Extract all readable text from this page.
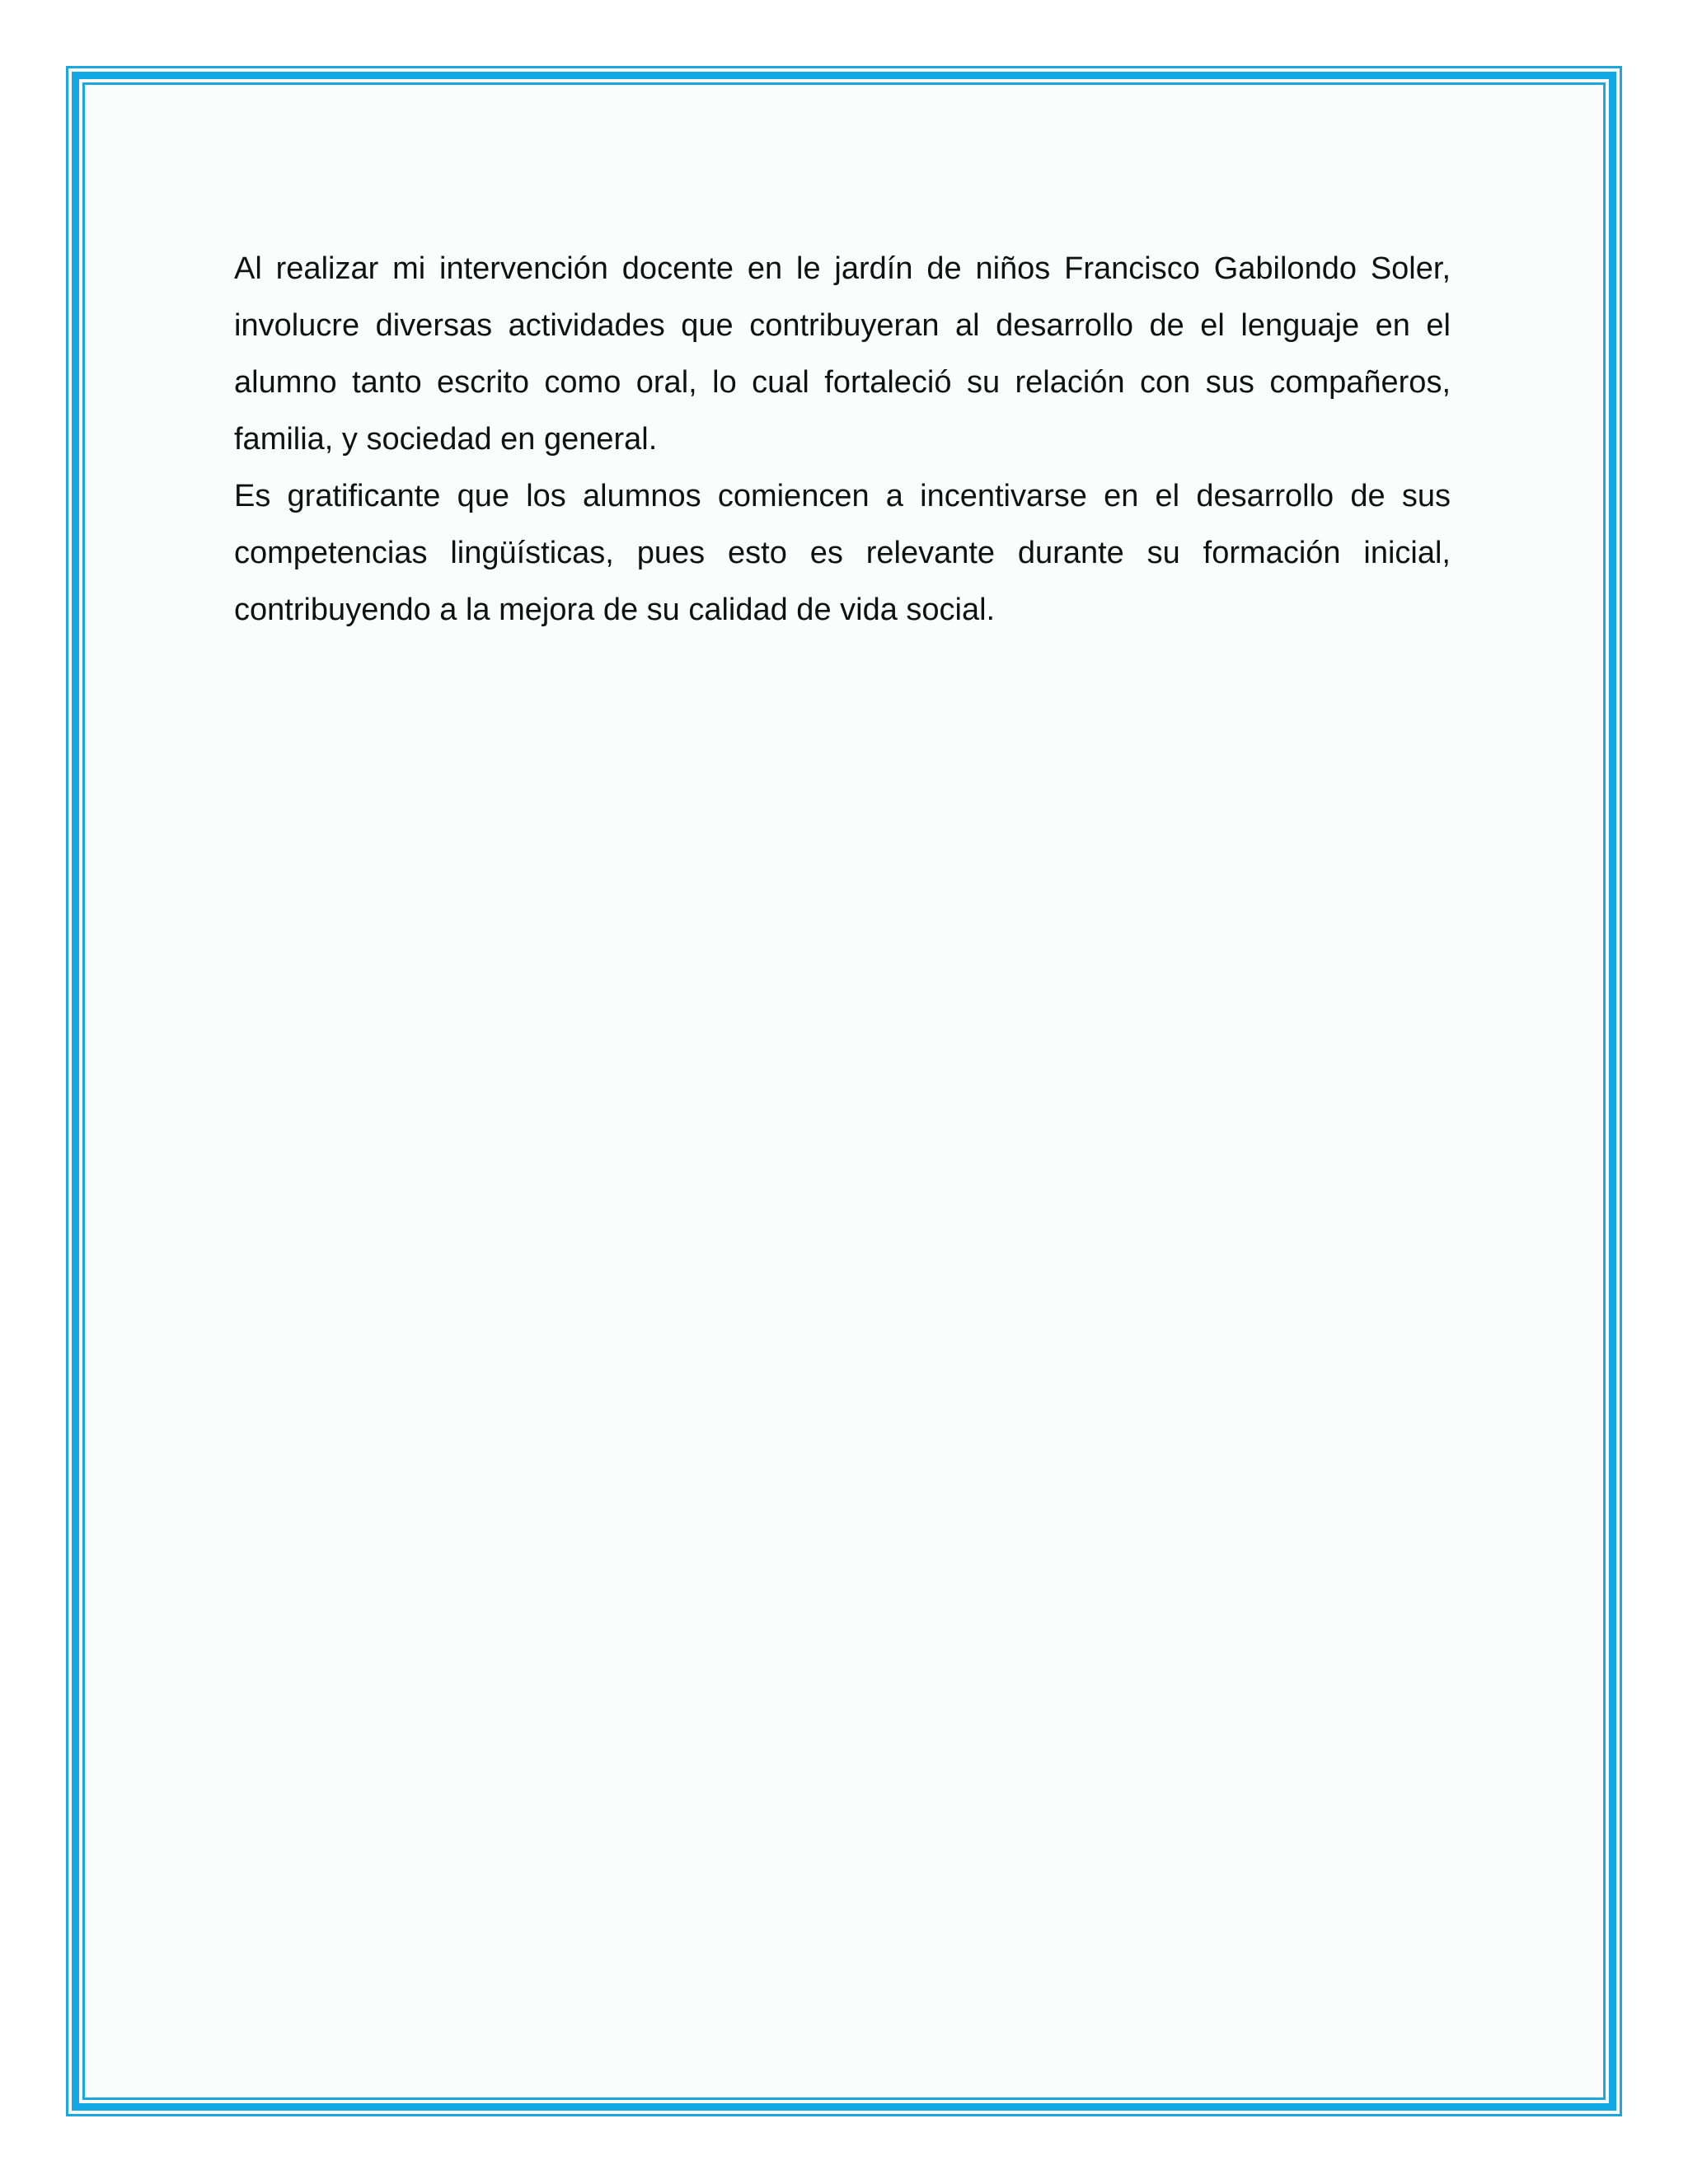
Al realizar mi intervención docente en le jardín de niños Francisco Gabilondo Soler, involucre diversas actividades que contribuyeran al desarrollo de el lenguaje en el alumno tanto escrito como oral, lo cual fortaleció su relación con sus compañeros, familia, y sociedad en general.

Es gratificante que los alumnos comiencen a incentivarse en el desarrollo de sus competencias lingüísticas, pues esto es relevante durante su formación inicial, contribuyendo a la mejora de su calidad de vida social.
